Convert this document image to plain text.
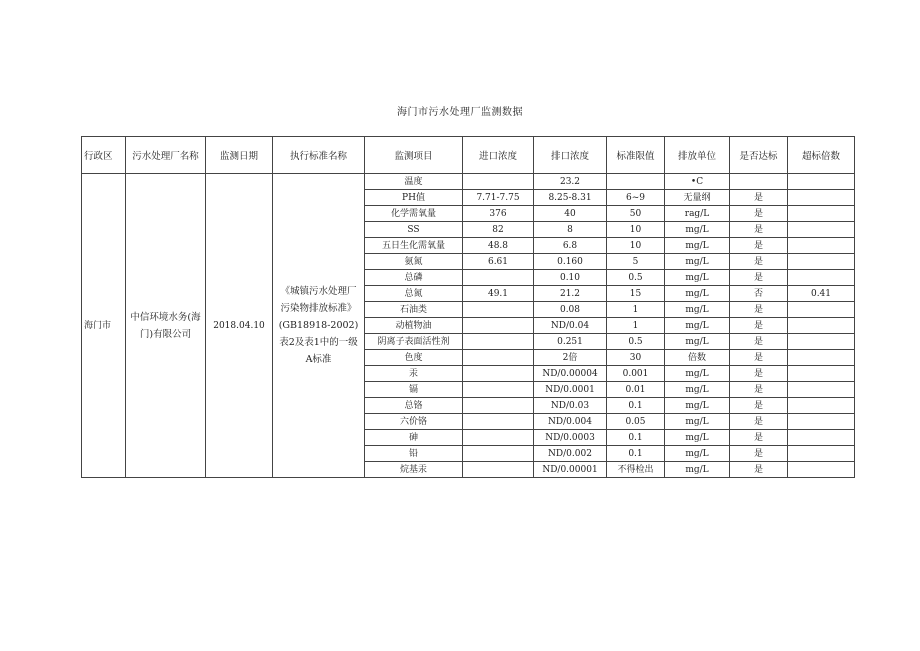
海门市污水处理厂监测数据
行政区	污水处理厂名称	监测日期	执行标准名称	监测项目	进口浓度	排口浓度	标准限值	排放单位	是否达标	超标倍数
海门市	中信环境水务(海门)有限公司	2018.04.10	《城镇污水处理厂污染物排放标准》(GB18918-2002)表2及表1中的一级A标准	温度		23.2		•C		
				PH值	7.71-7.75	8.25-8.31	6~9	无量纲	是	
				化学需氧量	376	40	50	rag/L	是	
				SS	82	8	10	mg/L	是	
				五日生化需氧量	48.8	6.8	10	mg/L	是	
				氨氮	6.61	0.160	5	mg/L	是	
				总磷		0.10	0.5	mg/L	是	
				总氮	49.1	21.2	15	mg/L	否	0.41
				石油类		0.08	1	mg/L	是	
				动植物油		ND/0.04	1	mg/L	是	
				阴离子表面活性剂		0.251	0.5	mg/L	是	
				色度		2倍	30	倍数	是	
				汞		ND/0.00004	0.001	mg/L	是	
				镉		ND/0.0001	0.01	mg/L	是	
				总铬		ND/0.03	0.1	mg/L	是	
				六价铬		ND/0.004	0.05	mg/L	是	
				砷		ND/0.0003	0.1	mg/L	是	
				铅		ND/0.002	0.1	mg/L	是	
				烷基汞		ND/0.00001	不得检出	mg/L	是	
